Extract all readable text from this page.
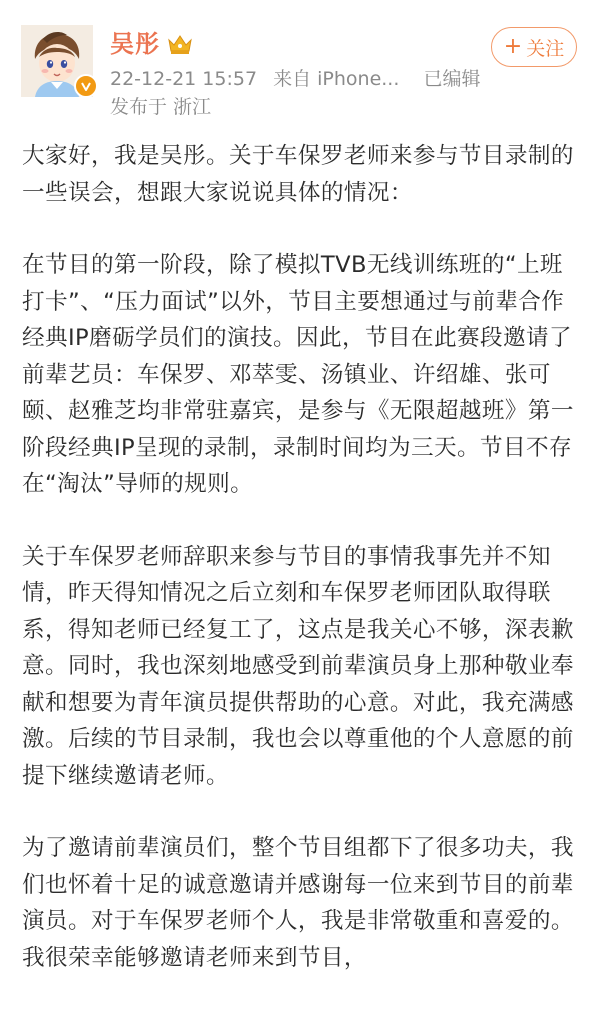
吴彤
22-12-21 15:57 来自 iPhone... 已编辑
发布于 浙江
+ 关注

大家好，我是吴彤。关于车保罗老师来参与节目录制的一些误会，想跟大家说说具体的情况：

在节目的第一阶段，除了模拟TVB无线训练班的“上班打卡”、“压力面试”以外，节目主要想通过与前辈合作经典IP磨砺学员们的演技。因此，节目在此赛段邀请了前辈艺员：车保罗、邓萃雯、汤镇业、许绍雄、张可颐、赵雅芝均非常驻嘉宾，是参与《无限超越班》第一阶段经典IP呈现的录制，录制时间均为三天。节目不存在“淘汰”导师的规则。

关于车保罗老师辞职来参与节目的事情我事先并不知情，昨天得知情况之后立刻和车保罗老师团队取得联系，得知老师已经复工了，这点是我关心不够，深表歉意。同时，我也深刻地感受到前辈演员身上那种敬业奉献和想要为青年演员提供帮助的心意。对此，我充满感激。后续的节目录制，我也会以尊重他的个人意愿的前提下继续邀请老师。

为了邀请前辈演员们，整个节目组都下了很多功夫，我们也怀着十足的诚意邀请并感谢每一位来到节目的前辈演员。对于车保罗老师个人，我是非常敬重和喜爱的。我很荣幸能够邀请老师来到节目，
